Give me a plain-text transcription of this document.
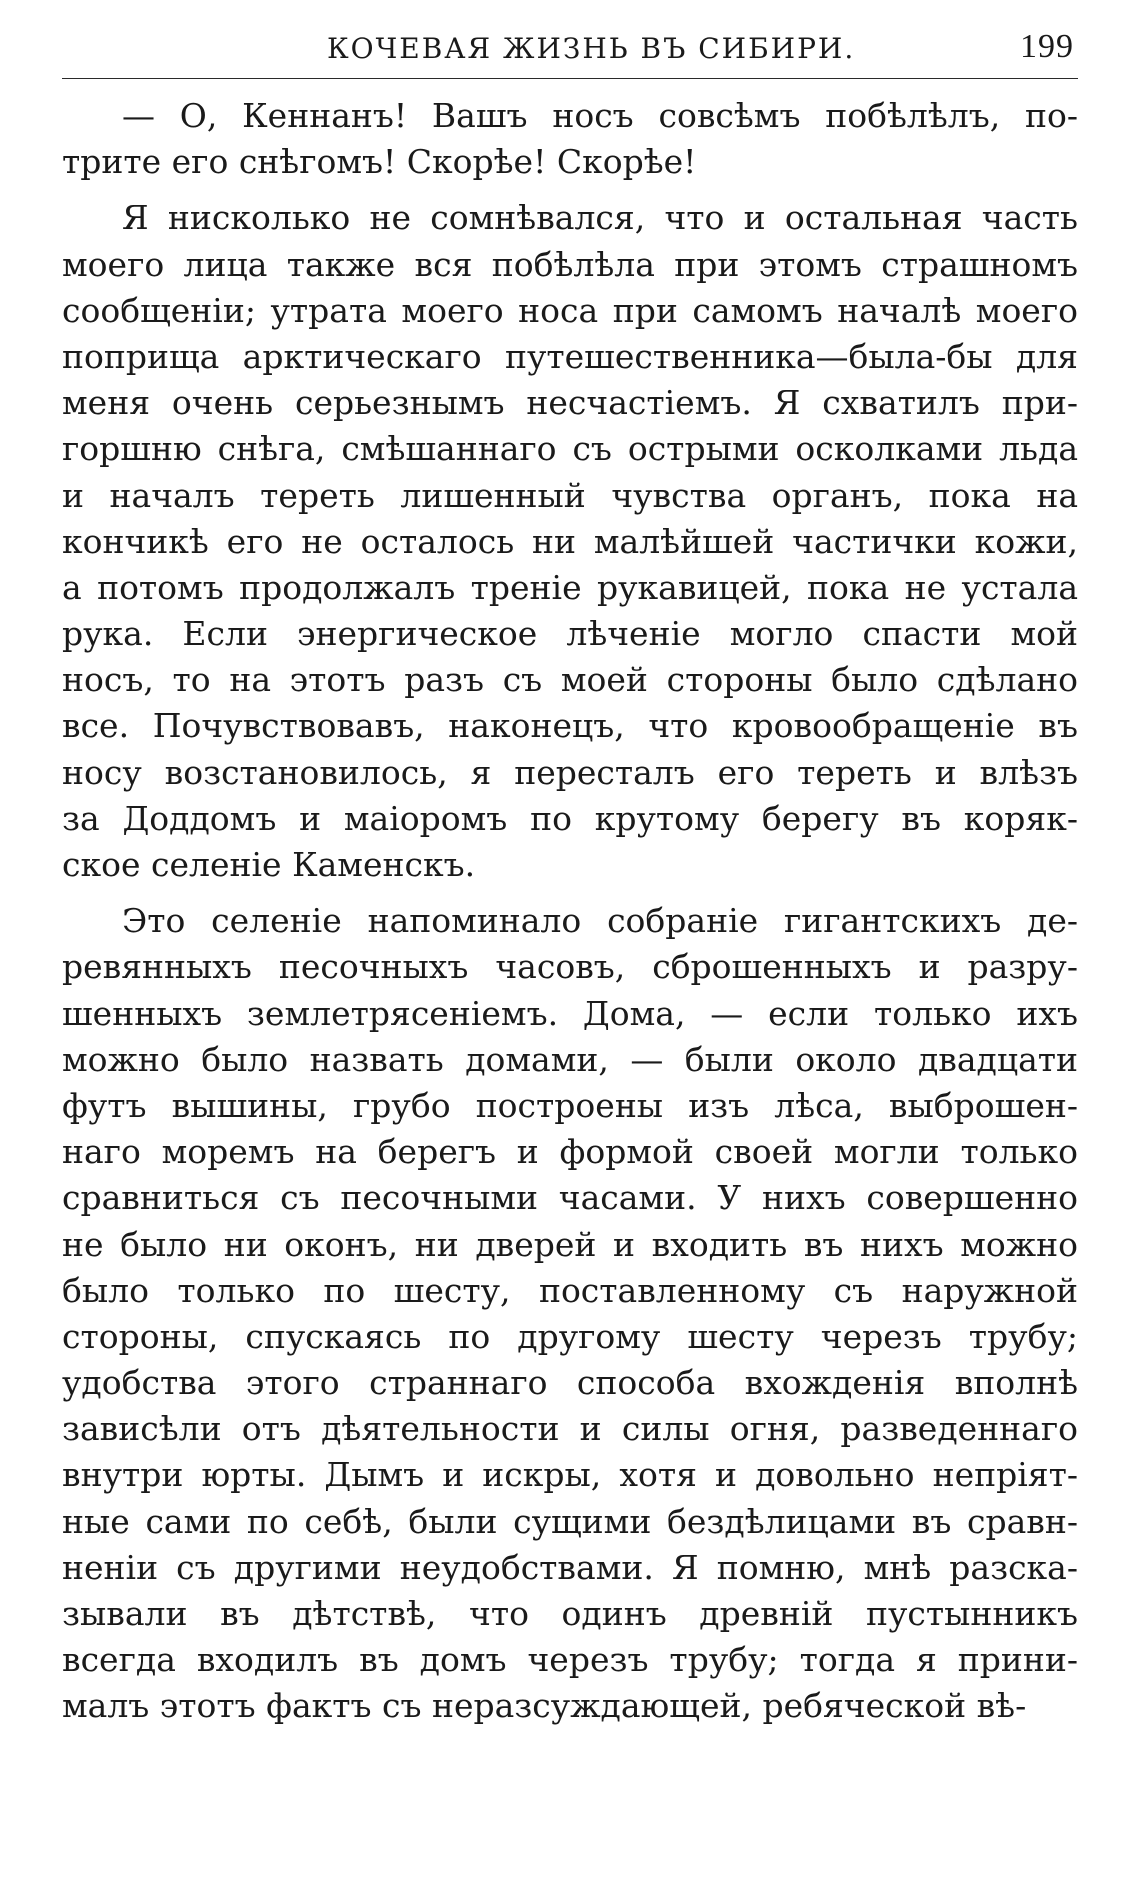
КОЧЕВАЯ ЖИЗНЬ ВЪ СИБИРИ.	199
— О, Кеннанъ! Вашъ носъ совсѣмъ побѣлѣлъ, по-
трите его снѣгомъ! Скорѣе! Скорѣе!
Я нисколько не сомнѣвался, что и остальная часть
моего лица также вся побѣлѣла при этомъ страшномъ
сообщеніи; утрата моего носа при самомъ началѣ моего
поприща арктическаго путешественника—была-бы для
меня очень серьезнымъ несчастіемъ. Я схватилъ при-
горшню снѣга, смѣшаннаго съ острыми осколками льда
и началъ тереть лишенный чувства органъ, пока на
кончикѣ его не осталось ни малѣйшей частички кожи,
а потомъ продолжалъ треніе рукавицей, пока не устала
рука. Если энергическое лѣченіе могло спасти мой
носъ, то на этотъ разъ съ моей стороны было сдѣлано
все. Почувствовавъ, наконецъ, что кровообращеніе въ
носу возстановилось, я пересталъ его тереть и влѣзъ
за Доддомъ и маіоромъ по крутому берегу въ коряк-
ское селеніе Каменскъ.
Это селеніе напоминало собраніе гигантскихъ де-
ревянныхъ песочныхъ часовъ, сброшенныхъ и разру-
шенныхъ землетрясеніемъ. Дома, — если только ихъ
можно было назвать домами, — были около двадцати
футъ вышины, грубо построены изъ лѣса, выброшен-
наго моремъ на берегъ и формой своей могли только
сравниться съ песочными часами. У нихъ совершенно
не было ни оконъ, ни дверей и входить въ нихъ можно
было только по шесту, поставленному съ наружной
стороны, спускаясь по другому шесту черезъ трубу;
удобства этого страннаго способа вхожденія вполнѣ
зависѣли отъ дѣятельности и силы огня, разведеннаго
внутри юрты. Дымъ и искры, хотя и довольно непріят-
ные сами по себѣ, были сущими бездѣлицами въ сравн-
неніи съ другими неудобствами. Я помню, мнѣ разска-
зывали въ дѣтствѣ, что одинъ древній пустынникъ
всегда входилъ въ домъ черезъ трубу; тогда я прини-
малъ этотъ фактъ съ неразсуждающей, ребяческой вѣ-
